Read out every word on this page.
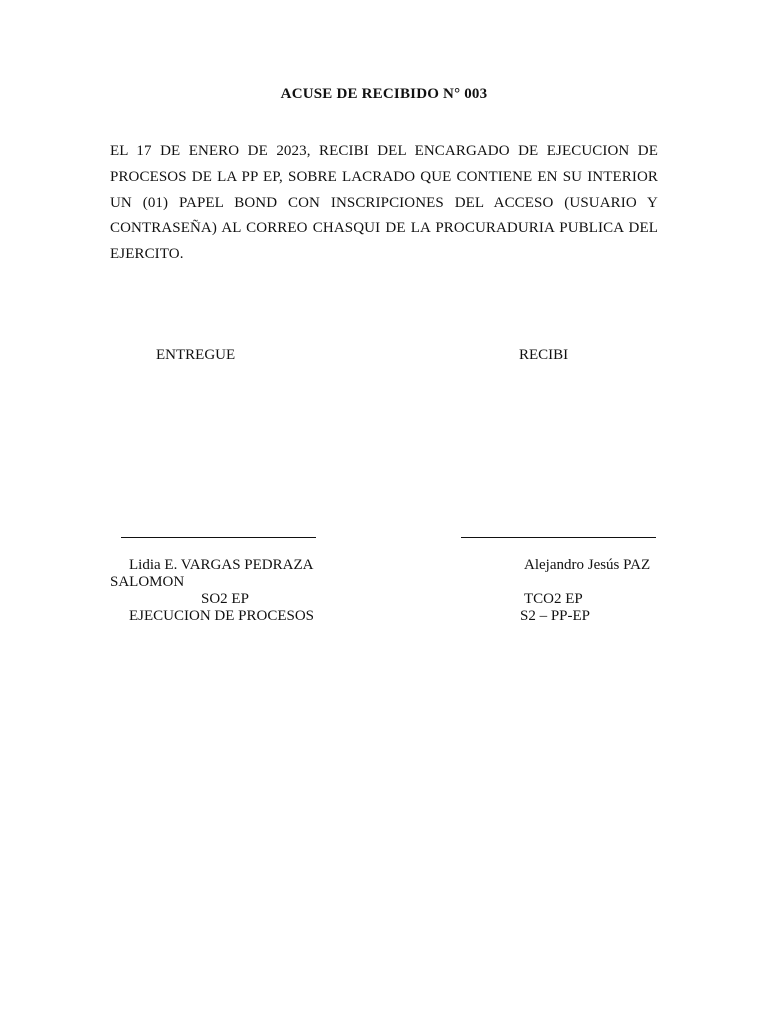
ACUSE DE RECIBIDO N° 003
EL 17 DE ENERO DE 2023, RECIBI DEL ENCARGADO DE EJECUCION DE PROCESOS DE LA PP EP, SOBRE LACRADO QUE CONTIENE EN SU INTERIOR UN (01) PAPEL BOND CON INSCRIPCIONES DEL ACCESO (USUARIO Y CONTRASEÑA) AL CORREO CHASQUI DE LA PROCURADURIA PUBLICA DEL EJERCITO.
ENTREGUE	RECIBI
Lidia E. VARGAS PEDRAZA
SALOMON
SO2 EP
EJECUCION DE PROCESOS
Alejandro Jesús PAZ
TCO2 EP
S2 – PP-EP
